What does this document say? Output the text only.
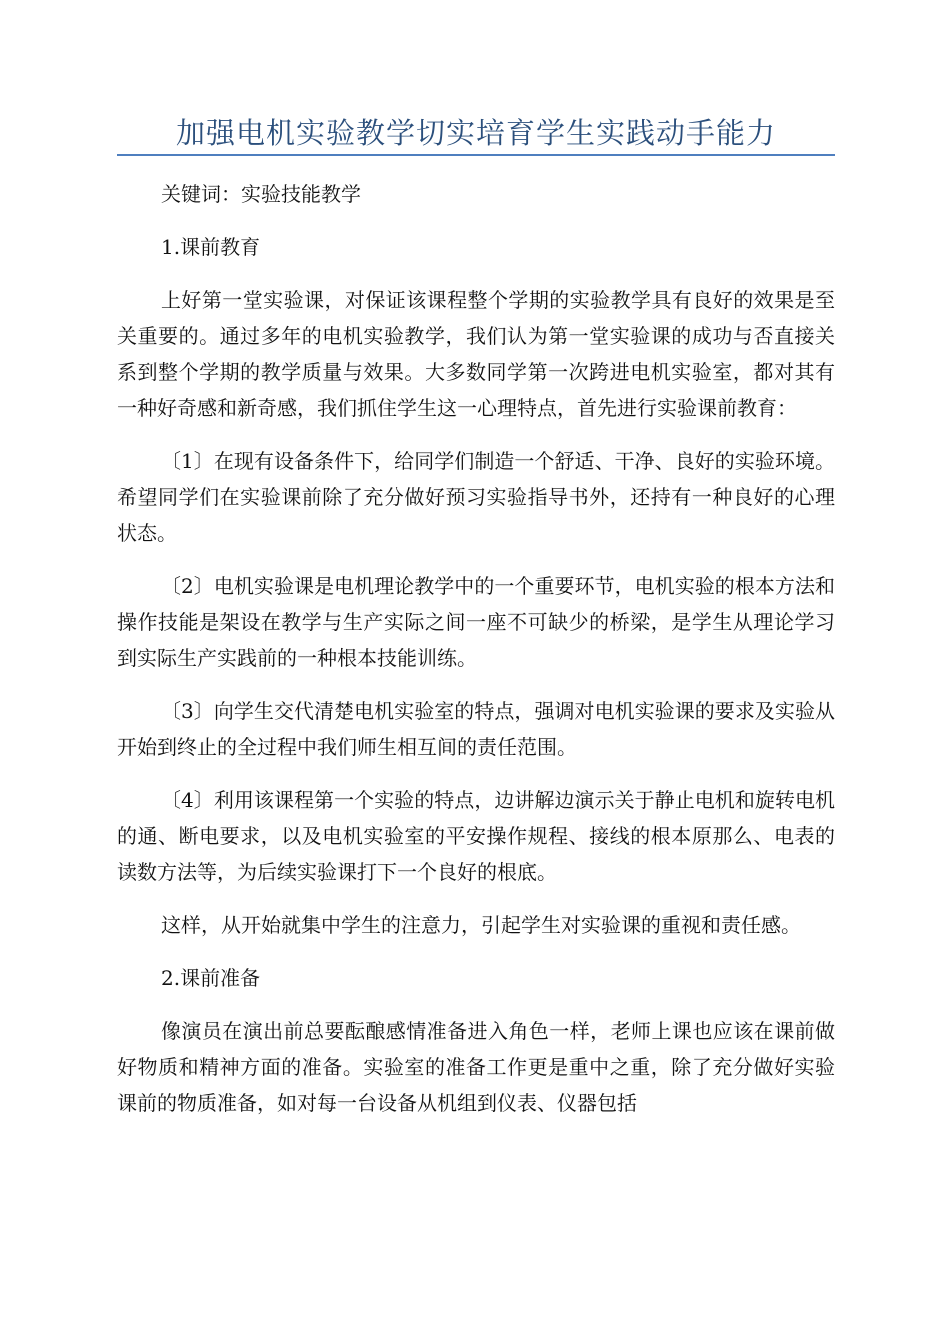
加强电机实验教学切实培育学生实践动手能力

关键词：实验技能教学

1.课前教育

上好第一堂实验课，对保证该课程整个学期的实验教学具有良好的效果是至关重要的。通过多年的电机实验教学，我们认为第一堂实验课的成功与否直接关系到整个学期的教学质量与效果。大多数同学第一次跨进电机实验室，都对其有一种好奇感和新奇感，我们抓住学生这一心理特点，首先进行实验课前教育：

〔1〕在现有设备条件下，给同学们制造一个舒适、干净、良好的实验环境。希望同学们在实验课前除了充分做好预习实验指导书外，还持有一种良好的心理状态。

〔2〕电机实验课是电机理论教学中的一个重要环节，电机实验的根本方法和操作技能是架设在教学与生产实际之间一座不可缺少的桥梁，是学生从理论学习到实际生产实践前的一种根本技能训练。

〔3〕向学生交代清楚电机实验室的特点，强调对电机实验课的要求及实验从开始到终止的全过程中我们师生相互间的责任范围。

〔4〕利用该课程第一个实验的特点，边讲解边演示关于静止电机和旋转电机的通、断电要求，以及电机实验室的平安操作规程、接线的根本原那么、电表的读数方法等，为后续实验课打下一个良好的根底。

这样，从开始就集中学生的注意力，引起学生对实验课的重视和责任感。

2.课前准备

像演员在演出前总要酝酿感情准备进入角色一样，老师上课也应该在课前做好物质和精神方面的准备。实验室的准备工作更是重中之重，除了充分做好实验课前的物质准备，如对每一台设备从机组到仪表、仪器包括
